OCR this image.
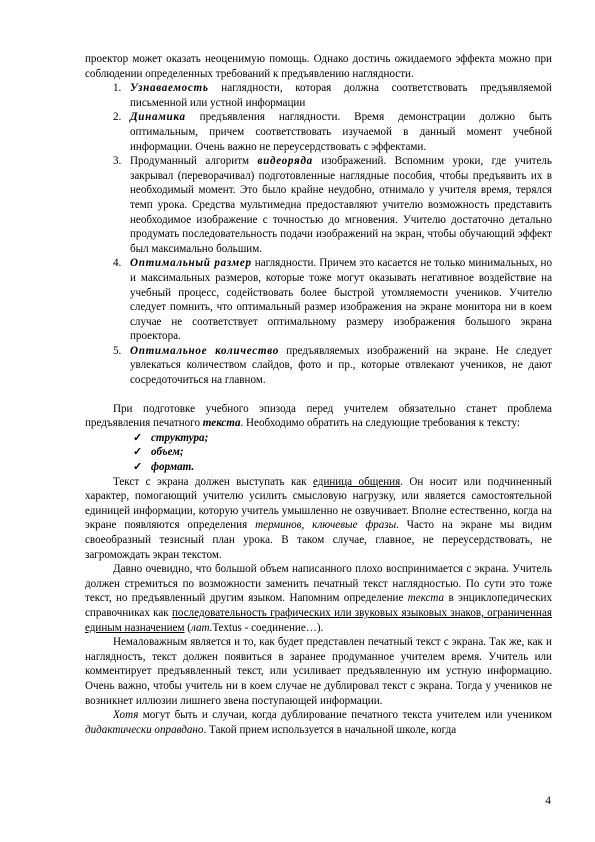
проектор может оказать неоценимую помощь. Однако достичь ожидаемого эффекта можно при соблюдении определенных требований к предъявлению наглядности.

1. Узнаваемость наглядности, которая должна соответствовать предъявляемой письменной или устной информации
2. Динамика предъявления наглядности. Время демонстрации должно быть оптимальным, причем соответствовать изучаемой в данный момент учебной информации. Очень важно не переусердствовать с эффектами.
3. Продуманный алгоритм видеоряда изображений. Вспомним уроки, где учитель закрывал (переворачивал) подготовленные наглядные пособия, чтобы предъявить их в необходимый момент. Это было крайне неудобно, отнимало у учителя время, терялся темп урока. Средства мультимедиа предоставляют учителю возможность представить необходимое изображение с точностью до мгновения. Учителю достаточно детально продумать последовательность подачи изображений на экран, чтобы обучающий эффект был максимально большим.
4. Оптимальный размер наглядности. Причем это касается не только минимальных, но и максимальных размеров, которые тоже могут оказывать негативное воздействие на учебный процесс, содействовать более быстрой утомляемости учеников. Учителю следует помнить, что оптимальный размер изображения на экране монитора ни в коем случае не соответствует оптимальному размеру изображения большого экрана проектора.
5. Оптимальное количество предъявляемых изображений на экране. Не следует увлекаться количеством слайдов, фото и пр., которые отвлекают учеников, не дают сосредоточиться на главном.

При подготовке учебного эпизода перед учителем обязательно станет проблема предъявления печатного текста. Необходимо обратить на следующие требования к тексту:

✓ структура;
✓ объем;
✓ формат.

Текст с экрана должен выступать как единица общения. Он носит или подчиненный характер, помогающий учителю усилить смысловую нагрузку, или является самостоятельной единицей информации, которую учитель умышленно не озвучивает. Вполне естественно, когда на экране появляются определения терминов, ключевые фразы. Часто на экране мы видим своеобразный тезисный план урока. В таком случае, главное, не переусердствовать, не загромождать экран текстом.

Давно очевидно, что большой объем написанного плохо воспринимается с экрана. Учитель должен стремиться по возможности заменить печатный текст наглядностью. По сути это тоже текст, но предъявленный другим языком. Напомним определение текста в энциклопедических справочниках как последовательность графических или звуковых языковых знаков, ограниченная единым назначением (лат.Textus - соединение…).

Немаловажным является и то, как будет представлен печатный текст с экрана. Так же, как и наглядность, текст должен появиться в заранее продуманное учителем время. Учитель или комментирует предъявленный текст, или усиливает предъявленную им устную информацию. Очень важно, чтобы учитель ни в коем случае не дублировал текст с экрана. Тогда у учеников не возникнет иллюзии лишнего звена поступающей информации.

Хотя могут быть и случаи, когда дублирование печатного текста учителем или учеником дидактически оправдано. Такой прием используется в начальной школе, когда

4
